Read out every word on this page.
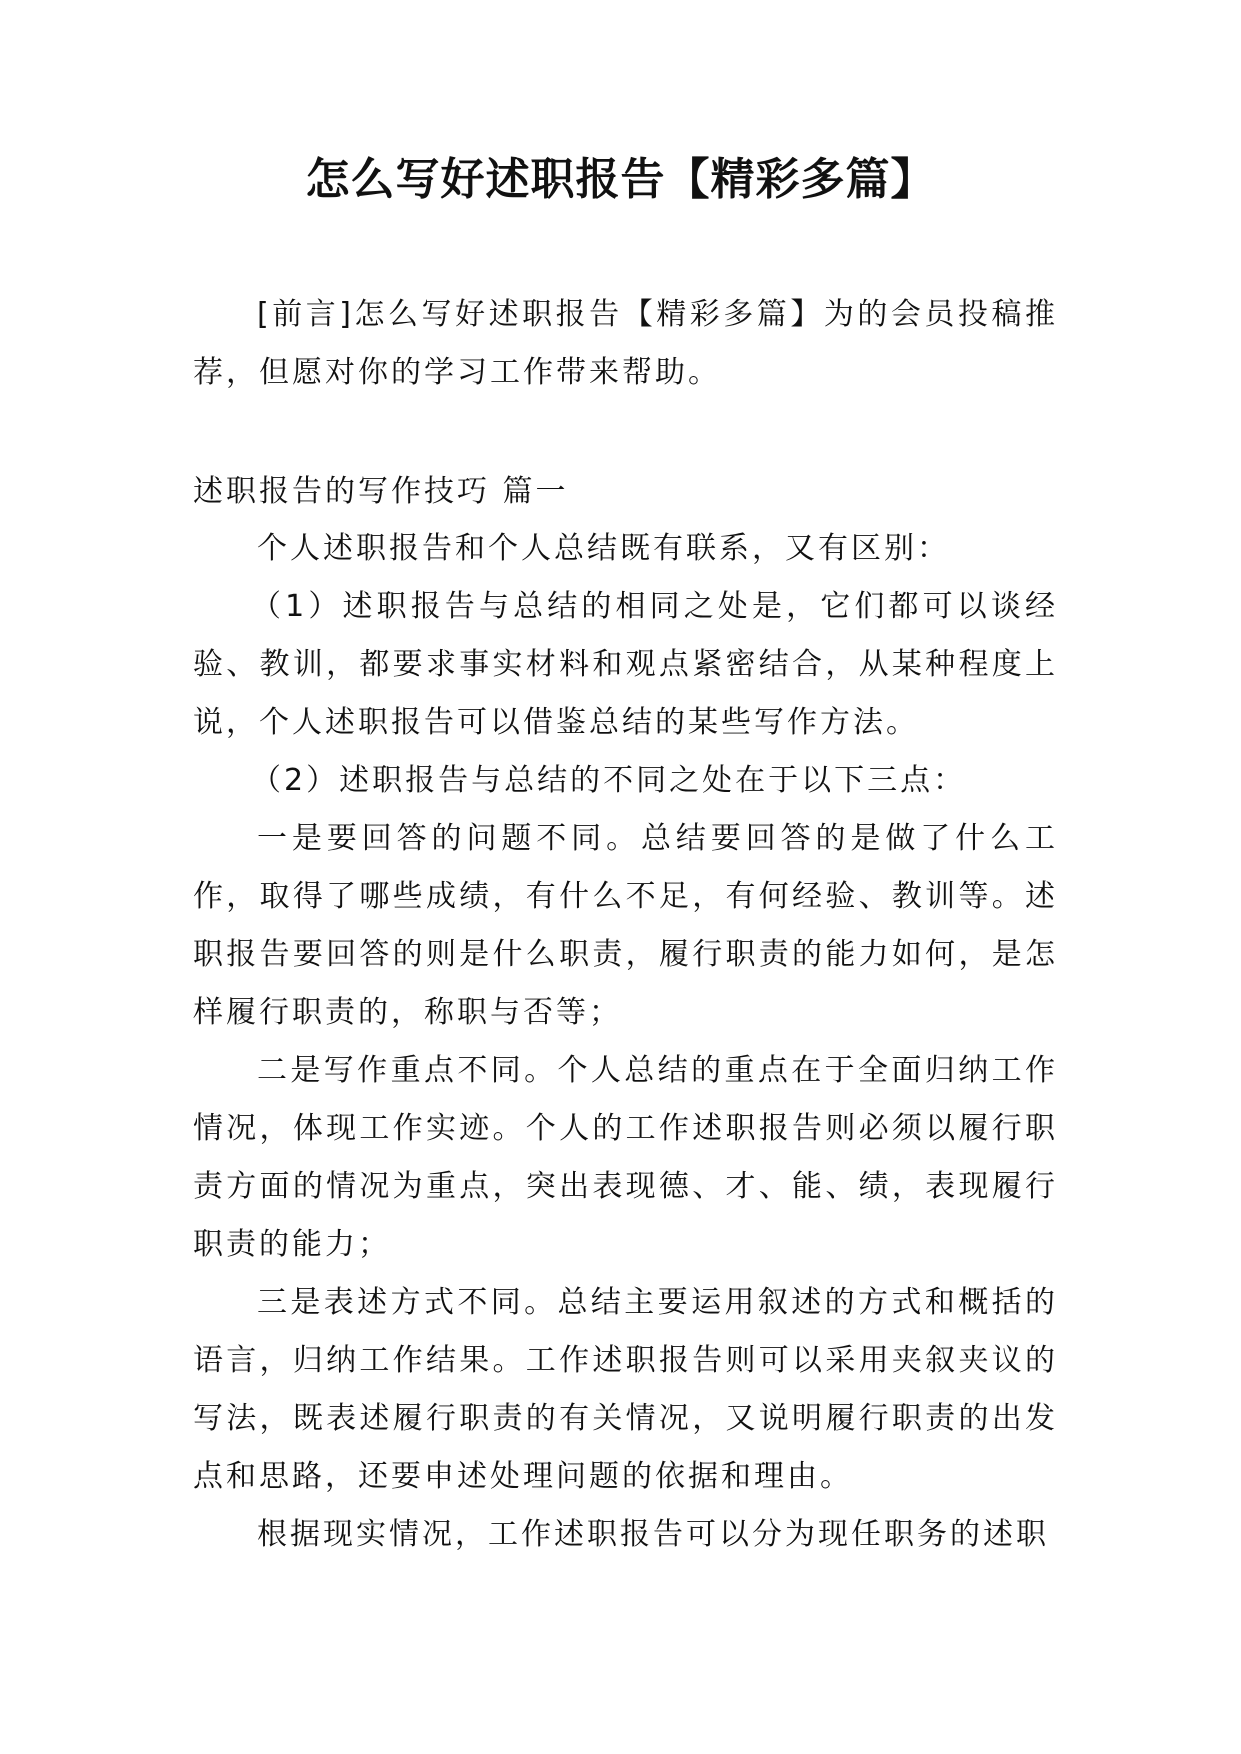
怎么写好述职报告【精彩多篇】

[前言]怎么写好述职报告【精彩多篇】为的会员投稿推荐，但愿对你的学习工作带来帮助。

述职报告的写作技巧 篇一

个人述职报告和个人总结既有联系，又有区别：

（1）述职报告与总结的相同之处是，它们都可以谈经验、教训，都要求事实材料和观点紧密结合，从某种程度上说，个人述职报告可以借鉴总结的某些写作方法。

（2）述职报告与总结的不同之处在于以下三点：

一是要回答的问题不同。总结要回答的是做了什么工作，取得了哪些成绩，有什么不足，有何经验、教训等。述职报告要回答的则是什么职责，履行职责的能力如何，是怎样履行职责的，称职与否等；

二是写作重点不同。个人总结的重点在于全面归纳工作情况，体现工作实迹。个人的工作述职报告则必须以履行职责方面的情况为重点，突出表现德、才、能、绩，表现履行职责的能力；

三是表述方式不同。总结主要运用叙述的方式和概括的语言，归纳工作结果。工作述职报告则可以采用夹叙夹议的写法，既表述履行职责的有关情况，又说明履行职责的出发点和思路，还要申述处理问题的依据和理由。

根据现实情况，工作述职报告可以分为现任职务的述职
